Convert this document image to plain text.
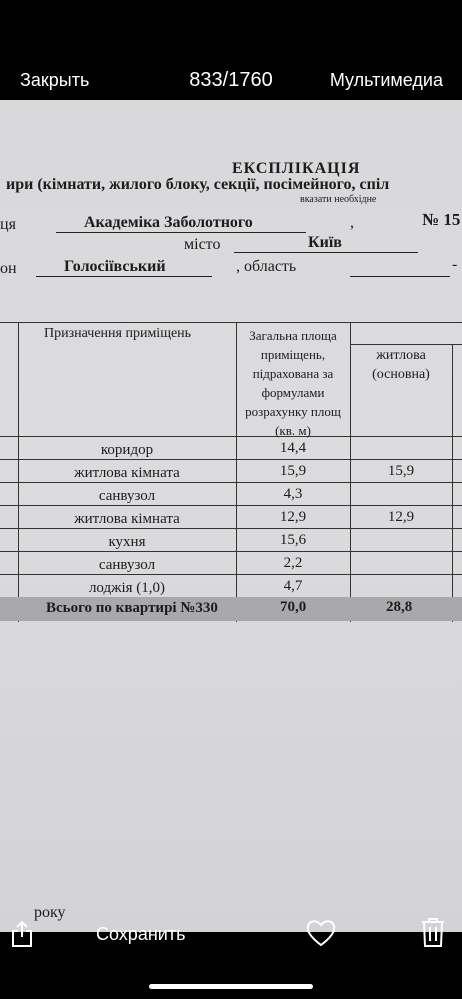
Закрыть	833/1760	Мультимедиа
ЕКСПЛІКАЦІЯ
ири (кімнати, жилого блоку, секції, посімейного, спіл
вказати необхідне
ця	Академіка Заболотного	,	№ 15
місто	Київ
он	Голосіївський	, область	-
Призначення приміщень	Загальна площа приміщень, підрахована за формулами розрахунку площ (кв. м)
житлова (основна)
коридор	14,4
житлова кімната	15,9	15,9
санвузол	4,3
житлова кімната	12,9	12,9
кухня	15,6
санвузол	2,2
лоджія (1,0)	4,7
Всього по квартирі №330	70,0	28,8
року
Сохранить
